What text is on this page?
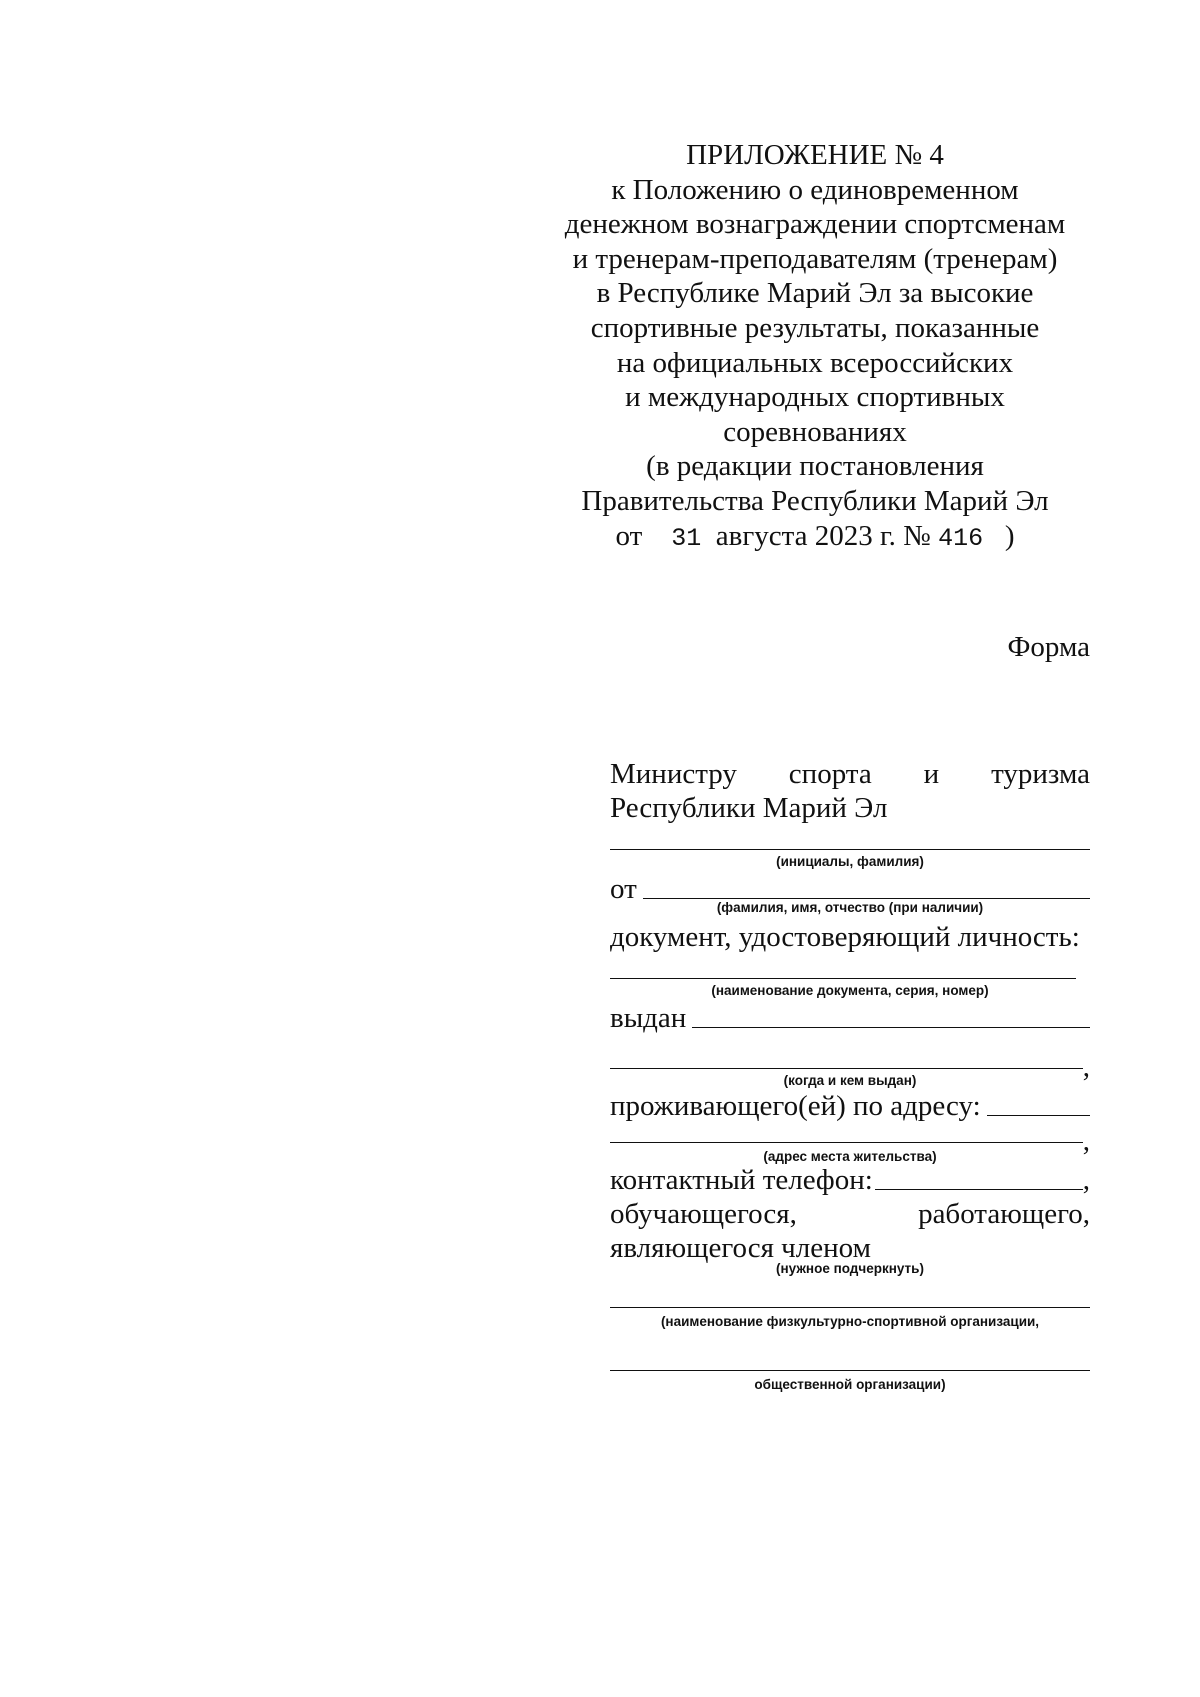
ПРИЛОЖЕНИЕ № 4
к Положению о единовременном
денежном вознаграждении спортсменам
и тренерам-преподавателям (тренерам)
в Республике Марий Эл за высокие
спортивные результаты, показанные
на официальных всероссийских
и международных спортивных
соревнованиях
(в редакции постановления
Правительства Республики Марий Эл
от 31 августа 2023 г. № 416 )
Форма
Министру спорта и туризма
Республики Марий Эл
(инициалы, фамилия)
от
(фамилия, имя, отчество (при наличии)
документ, удостоверяющий личность:
(наименование документа, серия, номер)
выдан
,
(когда и кем выдан)
проживающего(ей) по адресу:
,
(адрес места жительства)
контактный телефон:	,
обучающегося,	работающего,
являющегося членом
(нужное подчеркнуть)
(наименование физкультурно-спортивной организации,
общественной организации)
